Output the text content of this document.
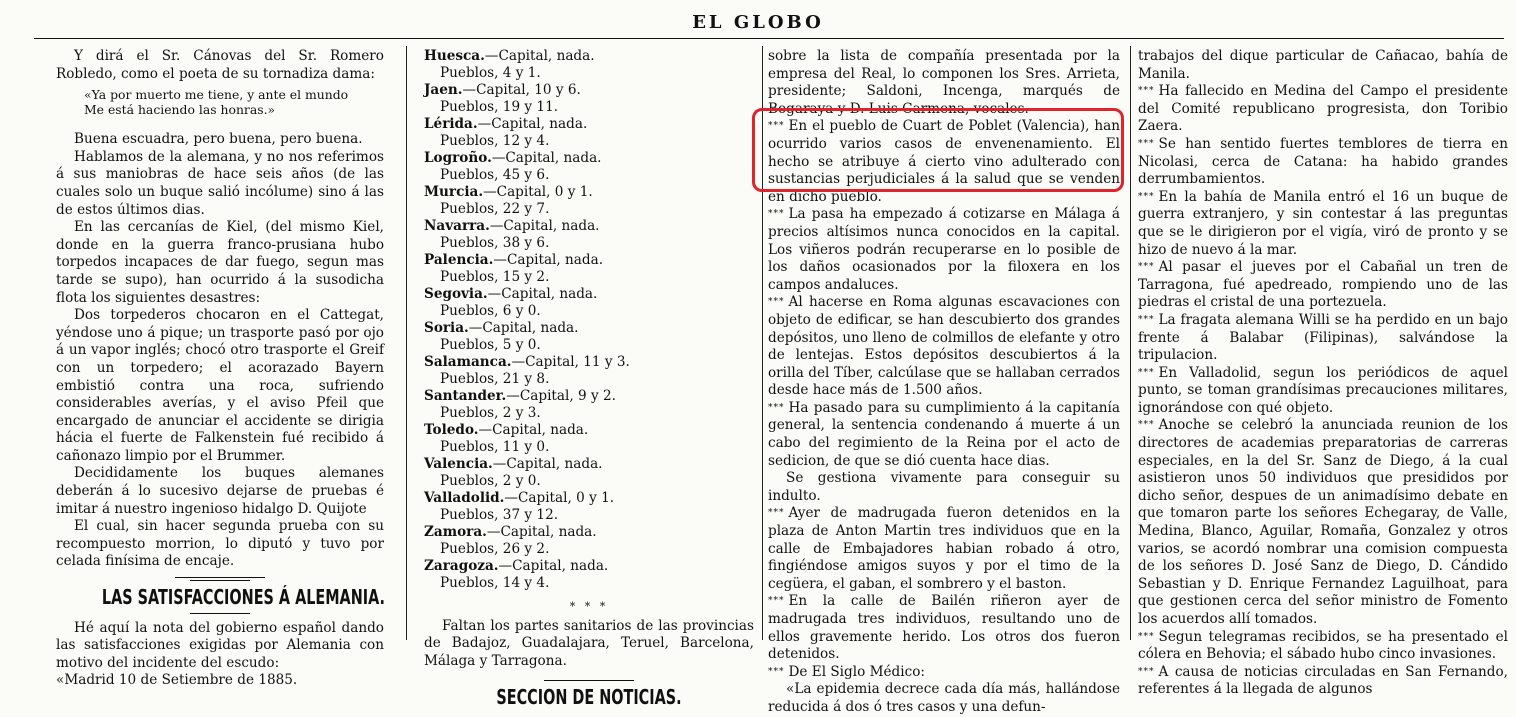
EL GLOBO

Y dirá el Sr. Cánovas del Sr. Romero Robledo, como el poeta de su tornadiza dama:

«Ya por muerto me tiene, y ante el mundo
Me está haciendo las honras.»

Buena escuadra, pero buena, pero buena.

Hablamos de la alemana, y no nos referimos á sus maniobras de hace seis años (de las cuales solo un buque salió incólume) sino á las de estos últimos dias.

En las cercanías de Kiel, (del mismo Kiel, donde en la guerra franco-prusiana hubo torpedos incapaces de dar fuego, segun mas tarde se supo), han ocurrido á la susodicha flota los siguientes desastres:

Dos torpederos chocaron en el Cattegat, yéndose uno á pique; un trasporte pasó por ojo á un vapor inglés; chocó otro trasporte el Greif con un torpedero; el acorazado Bayern embistió contra una roca, sufriendo considerables averías, y el aviso Pfeil que encargado de anunciar el accidente se dirigia hácia el fuerte de Falkenstein fué recibido á cañonazo limpio por el Brummer.

Decididamente los buques alemanes deberán á lo sucesivo dejarse de pruebas é imitar á nuestro ingenioso hidalgo D. Quijote

El cual, sin hacer segunda prueba con su recompuesto morrion, lo diputó y tuvo por celada finísima de encaje.

LAS SATISFACCIONES Á ALEMANIA.

Hé aquí la nota del gobierno español dando las satisfacciones exigidas por Alemania con motivo del incidente del escudo:

«Madrid 10 de Setiembre de 1885.

Huesca.—Capital, nada.
Pueblos, 4 y 1.

Jaen.—Capital, 10 y 6.
Pueblos, 19 y 11.

Lérida.—Capital, nada.
Pueblos, 12 y 4.

Logroño.—Capital, nada.
Pueblos, 45 y 6.

Murcia.—Capital, 0 y 1.
Pueblos, 22 y 7.

Navarra.—Capital, nada.
Pueblos, 38 y 6.

Palencia.—Capital, nada.
Pueblos, 15 y 2.

Segovia.—Capital, nada.
Pueblos, 6 y 0.

Soria.—Capital, nada.
Pueblos, 5 y 0.

Salamanca.—Capital, 11 y 3.
Pueblos, 21 y 8.

Santander.—Capital, 9 y 2.
Pueblos, 2 y 3.

Toledo.—Capital, nada.
Pueblos, 11 y 0.

Valencia.—Capital, nada.
Pueblos, 2 y 0.

Valladolid.—Capital, 0 y 1.
Pueblos, 37 y 12.

Zamora.—Capital, nada.
Pueblos, 26 y 2.

Zaragoza.—Capital, nada.
Pueblos, 14 y 4.

* * *

Faltan los partes sanitarios de las provincias de Badajoz, Guadalajara, Teruel, Barcelona, Málaga y Tarragona.

SECCION DE NOTICIAS.

sobre la lista de compañía presentada por la empresa del Real, lo componen los Sres. Arrieta, presidente; Saldoni, Incenga, marqués de Bogaraya y D. Luis Carmena, vocales.

*** En el pueblo de Cuart de Poblet (Valencia), han ocurrido varios casos de envenenamiento. El hecho se atribuye á cierto vino adulterado con sustancias perjudiciales á la salud que se venden en dicho pueblo.

*** La pasa ha empezado á cotizarse en Málaga á precios altísimos nunca conocidos en la capital. Los viñeros podrán recuperarse en lo posible de los daños ocasionados por la filoxera en los campos andaluces.

*** Al hacerse en Roma algunas escavaciones con objeto de edificar, se han descubierto dos grandes depósitos, uno lleno de colmillos de elefante y otro de lentejas. Estos depósitos descubiertos á la orilla del Tíber, calcúlase que se hallaban cerrados desde hace más de 1.500 años.

*** Ha pasado para su cumplimiento á la capitanía general, la sentencia condenando á muerte á un cabo del regimiento de la Reina por el acto de sedicion, de que se dió cuenta hace dias.

Se gestiona vivamente para conseguir su indulto.

*** Ayer de madrugada fueron detenidos en la plaza de Anton Martin tres individuos que en la calle de Embajadores habian robado á otro, fingiéndose amigos suyos y por el timo de la cegüera, el gaban, el sombrero y el baston.

*** En la calle de Bailén riñeron ayer de madrugada tres individuos, resultando uno de ellos gravemente herido. Los otros dos fueron detenidos.

*** De El Siglo Médico:

«La epidemia decrece cada día más, hallándose reducida á dos ó tres casos y una defun-

trabajos del dique particular de Cañacao, bahía de Manila.

*** Ha fallecido en Medina del Campo el presidente del Comité republicano progresista, don Toribio Zaera.

*** Se han sentido fuertes temblores de tierra en Nicolasi, cerca de Catana: ha habido grandes derrumbamientos.

*** En la bahía de Manila entró el 16 un buque de guerra extranjero, y sin contestar á las preguntas que se le dirigieron por el vigía, viró de pronto y se hizo de nuevo á la mar.

*** Al pasar el jueves por el Cabañal un tren de Tarragona, fué apedreado, rompiendo uno de las piedras el cristal de una portezuela.

*** La fragata alemana Willi se ha perdido en un bajo frente á Balabar (Filipinas), salvándose la tripulacion.

*** En Valladolid, segun los periódicos de aquel punto, se toman grandísimas precauciones militares, ignorándose con qué objeto.

*** Anoche se celebró la anunciada reunion de los directores de academias preparatorias de carreras especiales, en la del Sr. Sanz de Diego, á la cual asistieron unos 50 individuos que presididos por dicho señor, despues de un animadísimo debate en que tomaron parte los señores Echegaray, de Valle, Medina, Blanco, Aguilar, Romaña, Gonzalez y otros varios, se acordó nombrar una comision compuesta de los señores D. José Sanz de Diego, D. Cándido Sebastian y D. Enrique Fernandez Laguilhoat, para que gestionen cerca del señor ministro de Fomento los acuerdos allí tomados.

*** Segun telegramas recibidos, se ha presentado el cólera en Behovia; el sábado hubo cinco invasiones.

*** A causa de noticias circuladas en San Fernando, referentes á la llegada de algunos
